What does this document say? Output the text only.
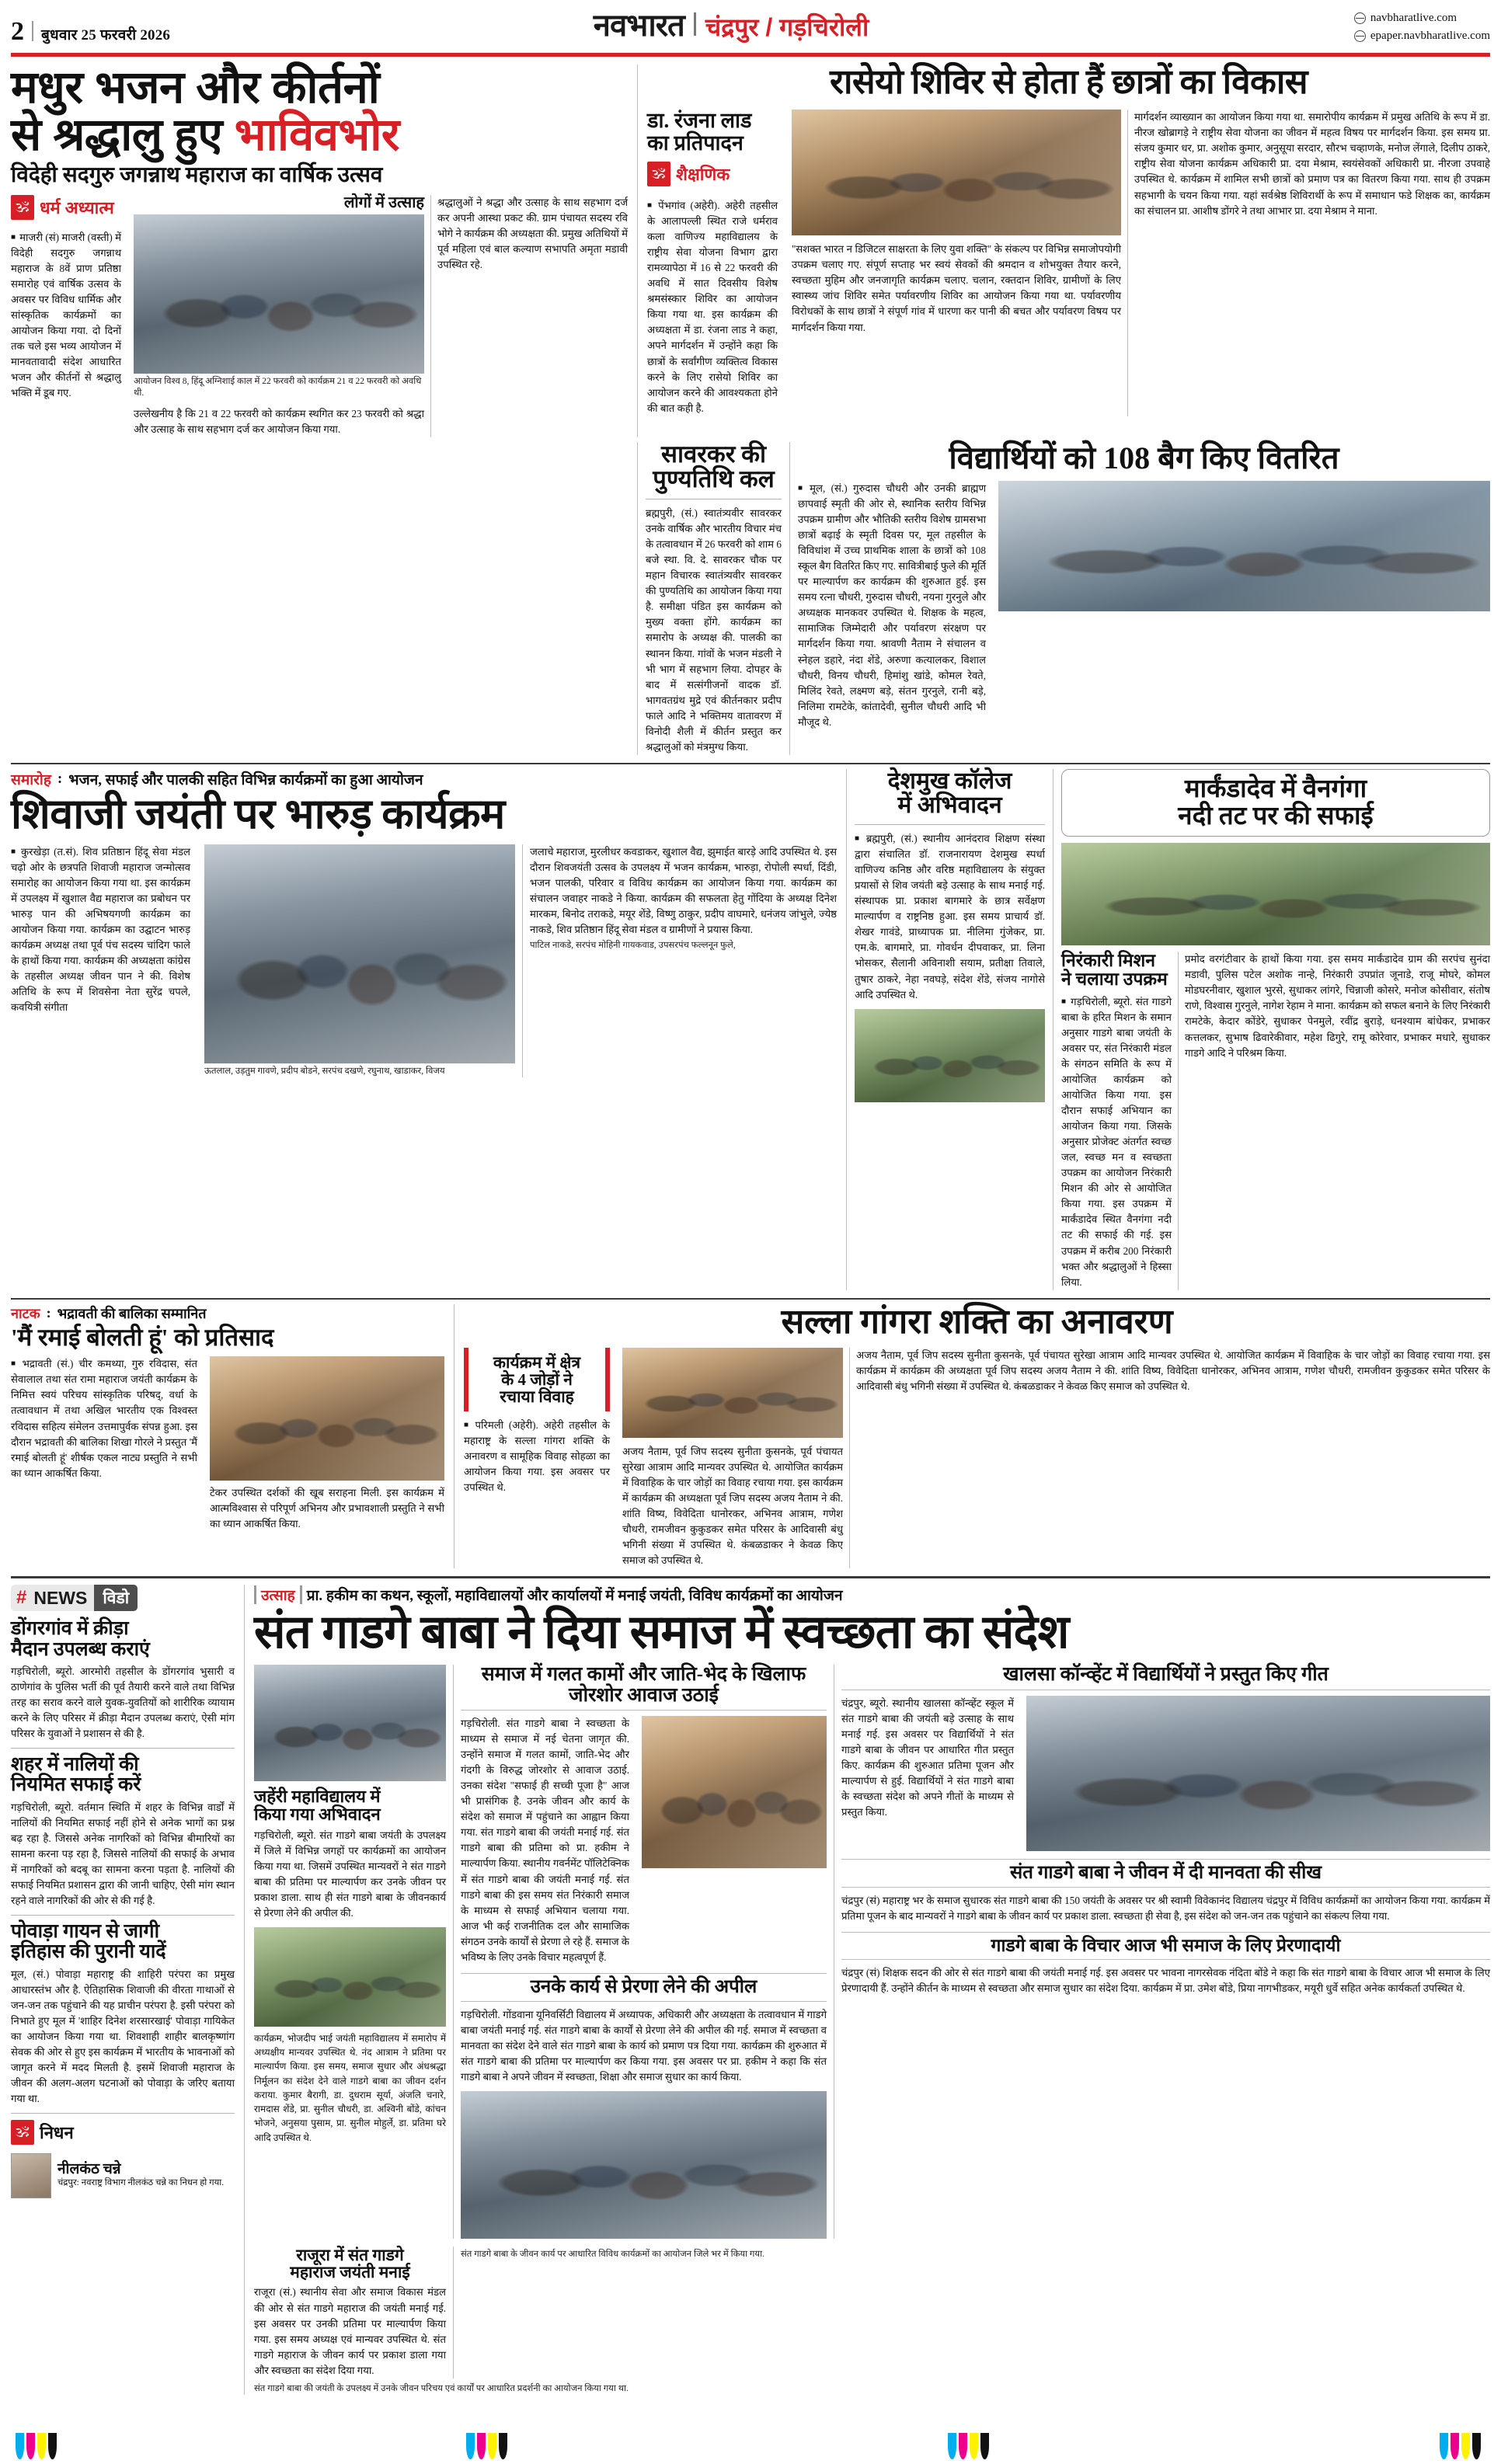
2 बुधवार 25 फरवरी 2026	नवभारत चंद्रपुर / गड़चिरोली	navbharatlive.com
epaper.navbharatlive.com
मधुर भजन और कीर्तनों
से श्रद्धालु हुए भाविवभोर
विदेही सदगुरु जगन्नाथ महाराज का वार्षिक उत्सव
🕉
धर्म अध्यात्म
■ माजरी (सं) माजरी (वस्ती) में विदेही सदगुरु जगन्नाथ महाराज के 8वें प्राण प्रतिष्ठा समारोह एवं वार्षिक उत्सव के अवसर पर विविध धार्मिक और सांस्कृतिक कार्यक्रमों का आयोजन किया गया. दो दिनों तक चले इस भव्य आयोजन में मानवतावादी संदेश आधारित भजन और कीर्तनों से श्रद्धालु भक्ति में डूब गए.
लोगों में उत्साह
आयोजन विश्व 8, हिंदू अग्निशाई काल में 22 फरवरी को कार्यक्रम 21 व 22 फरवरी को अवधि थी.
उल्लेखनीय है कि 21 व 22 फरवरी को कार्यक्रम स्थगित कर 23 फरवरी को श्रद्धा और उत्साह के साथ सहभाग दर्ज कर आयोजन किया गया.
श्रद्धालुओं ने श्रद्धा और उत्साह के साथ सहभाग दर्ज कर अपनी आस्था प्रकट की. ग्राम पंचायत सदस्य रवि भोगे ने कार्यक्रम की अध्यक्षता की. प्रमुख अतिथियों में पूर्व महिला एवं बाल कल्याण सभापति अमृता मडावी उपस्थित रहे.
रासेयो शिविर से होता हैं छात्रों का विकास
डा. रंजना लाड
का प्रतिपादन
🕉
शैक्षणिक
■ पेंभगांव (अहेरी). अहेरी तहसील के आलापल्ली स्थित राजे धर्मराव कला वाणिज्य महाविद्यालय के राष्ट्रीय सेवा योजना विभाग द्वारा रामव्यापेठा में 16 से 22 फरवरी की अवधि में सात दिवसीय विशेष श्रमसंस्कार शिविर का आयोजन किया गया था. इस कार्यक्रम की अध्यक्षता में डा. रंजना लाड ने कहा, अपने मार्गदर्शन में उन्होंने कहा कि छात्रों के सर्वांगीण व्यक्तित्व विकास करने के लिए रासेयो शिविर का आयोजन करने की आवश्यकता होने की बात कही है.
"सशक्त भारत न डिजिटल साक्षरता के लिए युवा शक्ति" के संकल्प पर विभिन्न समाजोपयोगी उपक्रम चलाए गए. संपूर्ण सप्ताह भर स्वयं सेवकों की श्रमदान व शोभयुक्त तैयार करने, स्वच्छता मुहिम और जनजागृति कार्यक्रम चलाए. चलान, रक्तदान शिविर, ग्रामीणों के लिए स्वास्थ्य जांच शिविर समेत पर्यावरणीय शिविर का आयोजन किया गया था. पर्यावरणीय विरोधकों के साथ छात्रों ने संपूर्ण गांव में धारणा कर पानी की बचत और पर्यावरण विषय पर मार्गदर्शन किया गया.
मार्गदर्शन व्याख्यान का आयोजन किया गया था. समारोपीय कार्यक्रम में प्रमुख अतिथि के रूप में डा. नीरज खोब्रागड़े ने राष्ट्रीय सेवा योजना का जीवन में महत्व विषय पर मार्गदर्शन किया. इस समय प्रा. संजय कुमार धर, प्रा. अशोक कुमार, अनुसूया सरदार, सौरभ चव्हाणके, मनोज लेंगाले, दिलीप ठाकरे, राष्ट्रीय सेवा योजना कार्यक्रम अधिकारी प्रा. दया मेश्राम, स्वयंसेवकों अधिकारी प्रा. नीरजा उपवाहे उपस्थित थे. कार्यक्रम में शामिल सभी छात्रों को प्रमाण पत्र का वितरण किया गया. साथ ही उपक्रम सहभागी के चयन किया गया. यहां सर्वश्रेष्ठ शिविरार्थी के रूप में समाधान फडे शिक्षक का, कार्यक्रम का संचालन प्रा. आशीष डोंगरे ने तथा आभार प्रा. दया मेश्राम ने माना.
सावरकर की
पुण्यतिथि कल
ब्रह्मपुरी, (सं.) स्वातंत्र्यवीर सावरकर उनके वार्षिक और भारतीय विचार मंच के तत्वावधान में 26 फरवरी को शाम 6 बजे स्था. वि. दे. सावरकर चौक पर महान विचारक स्वातंत्र्यवीर सावरकर की पुण्यतिथि का आयोजन किया गया है. समीक्षा पंडित इस कार्यक्रम को मुख्य वक्ता होंगे. कार्यक्रम का समारोप के अध्यक्ष की. पालकी का स्थानन किया. गांवों के भजन मंडली ने भी भाग में सहभाग लिया. दोपहर के बाद में सत्संगीजनों वादक डॉ. भागवतग्रंथ मुद्रे एवं कीर्तनकार प्रदीप फाले आदि ने भक्तिमय वातावरण में विनोदी शैली में कीर्तन प्रस्तुत कर श्रद्धालुओं को मंत्रमुग्ध किया.
विद्यार्थियों को 108 बैग किए वितरित
■ मूल, (सं.) गुरुदास चौधरी और उनकी ब्राह्मण छापवाई स्मृती की ओर से, स्थानिक स्तरीय विभिन्न उपक्रम ग्रामीण और भौतिकी स्तरीय विशेष ग्रामसभा छात्रों बढ़ाई के स्मृती दिवस पर, मूल तहसील के विविधांश में उच्च प्राथमिक शाला के छात्रों को 108 स्कूल बैग वितरित किए गए. सावित्रीबाई फुले की मूर्ति पर माल्यार्पण कर कार्यक्रम की शुरुआत हुई. इस समय रत्ना चौधरी, गुरुदास चौधरी, नयना गुरनुले और अध्यक्षक मानकवर उपस्थित थे. शिक्षक के महत्व, सामाजिक जिम्मेदारी और पर्यावरण संरक्षण पर मार्गदर्शन किया गया. श्रावणी नैताम ने संचालन व स्नेहल डहारे, नंदा शेंडे, अरुणा कत्यालकर, विशाल चौधरी, विनय चौधरी, हिमांशु खांडे, कोमल रेवते, मिलिंद रेवते, लक्ष्मण बड़े, संतन गुरनुले, रानी बड़े, निलिमा रामटेके, कांतादेवी, सुनील चौधरी आदि भी मौजूद थे.
समारोह : भजन, सफाई और पालकी सहित विभिन्न कार्यक्रमों का हुआ आयोजन
शिवाजी जयंती पर भारुड़ कार्यक्रम
■ कुरखेड़ा (त.सं). शिव प्रतिष्ठान हिंदू सेवा मंडल चढ़ो ओर के छत्रपति शिवाजी महाराज जन्मोत्सव समारोह का आयोजन किया गया था. इस कार्यक्रम में उपलक्ष्य में खुशाल वैद्य महाराज का प्रबोधन पर भारुड़ पान की अभिषयगणी कार्यक्रम का आयोजन किया गया. कार्यक्रम का उद्घाटन भारुड़ कार्यक्रम अध्यक्ष तथा पूर्व पंच सदस्य चांदिग फाले के हाथों किया गया. कार्यक्रम की अध्यक्षता कांग्रेस के तहसील अध्यक्ष जीवन पान ने की. विशेष अतिथि के रूप में शिवसेना नेता सुरेंद्र चपले, कवयित्री संगीता
ऊतलाल, उड़तुम गावणे, प्रदीप बोडने, सरपंच दखणे, रघुनाथ, खाडाकर, विजय
जलाचे महाराज, मुरलीधर कवडाकर, खुशाल वैद्य, झुमाईत बारड़े आदि उपस्थित थे. इस दौरान शिवजयंती उत्सव के उपलक्ष्य में भजन कार्यक्रम, भारुड़ा, रोपोली स्पर्धा, दिंडी, भजन पालकी, परिवार व विविध कार्यक्रम का आयोजन किया गया. कार्यक्रम का संचालन जवाहर नाकडे ने किया. कार्यक्रम की सफलता हेतु गोंदिया के अध्यक्ष दिनेश मारकम, बिनोद तराकडे, मयूर शेंडे, विष्णु ठाकुर, प्रदीप वाघमारे, धनंजय जांभुले, ज्येष्ठ नाकडे, शिव प्रतिष्ठान हिंदू सेवा मंडल व ग्रामीणों ने प्रयास किया.
पाटिल नाकडे, सरपंच मोहिनी गायकवाड, उपसरपंच फल्लनून फुले,
देशमुख कॉलेज
में अभिवादन
■ ब्रह्मपुरी, (सं.) स्थानीय आनंदराव शिक्षण संस्था द्वारा संचालित डॉ. राजनारायण देशमुख स्पर्धा वाणिज्य कनिष्ठ और वरिष्ठ महाविद्यालय के संयुक्त प्रयासों से शिव जयंती बड़े उत्साह के साथ मनाई गई. संस्थापक प्रा. प्रकाश बागमारे के छात्र सर्वेक्षण माल्यार्पण व राष्ट्रनिष्ठ हुआ. इस समय प्राचार्य डॉ. शेखर गावंडे, प्राध्यापक प्रा. नीलिमा गुंजेकर, प्रा. एम.के. बागमारे, प्रा. गोवर्धन दीपवाकर, प्रा. लिना भोसकर, सैलानी अविनाशी सयाम, प्रतीक्षा तिवाले, तुषार ठाकरे, नेहा नवघड़े, संदेश शेंडे, संजय नागोसे आदि उपस्थित थे.
मार्कंडादेव में वैनगंगा
नदी तट पर की सफाई
निरंकारी मिशन
ने चलाया उपक्रम
■ गड़चिरोली, ब्यूरो. संत गाडगे बाबा के हरित मिशन के समान अनुसार गाडगे बाबा जयंती के अवसर पर, संत निरंकारी मंडल के संगठन समिति के रूप में आयोजित कार्यक्रम को आयोजित किया गया. इस दौरान सफाई अभियान का आयोजन किया गया. जिसके अनुसार प्रोजेक्ट अंतर्गत स्वच्छ जल, स्वच्छ मन व स्वच्छता उपक्रम का आयोजन निरंकारी मिशन की ओर से आयोजित किया गया. इस उपक्रम में मार्कंडादेव स्थित वैनगंगा नदी तट की सफाई की गई. इस उपक्रम में करीब 200 निरंकारी भक्त और श्रद्धालुओं ने हिस्सा लिया.
प्रमोद वरगंटीवार के हाथों किया गया. इस समय मार्कंडादेव ग्राम की सरपंच सुनंदा मडावी, पुलिस पटेल अशोक नान्हे, निरंकारी उपप्रांत जूनाडे, राजू मोघरे, कोमल मोडघरनीवार, खुशाल भुरसे, सुधाकर लांगरे, चिन्नाजी कोसरे, मनोज कोसीवार, संतोष राणे, विश्वास गुरनुले, नागेश रेहाम ने माना. कार्यक्रम को सफल बनाने के लिए निरंकारी रामटेके, केदार कोंडेरे, सुधाकर पेनमुले, रवींद्र बुराड़े, धनश्याम बांधेकर, प्रभाकर कत्तलकर, सुभाष ढिवारेकीवार, महेश ढिगुरे, रामू कोरेवार, प्रभाकर मधारे, सुधाकर गाडगे आदि ने परिश्रम किया.
नाटक : भद्रावती की बालिका सम्मानित
'मैं रमाई बोलती हूं' को प्रतिसाद
■ भद्रावती (सं.) चीर कमथ्या, गुरु रविदास, संत सेवालाल तथा संत रामा महाराज जयंती कार्यक्रम के निमित्त स्वयं परिचय सांस्कृतिक परिषद्, वर्धा के तत्वावधान में तथा अखिल भारतीय एक विश्वस्त रविदास सहित्य संमेलन उत्तमापुर्वक संपन्न हुआ. इस दौरान भद्रावती की बालिका शिखा गोरले ने प्रस्तुत 'मैं रमाई बोलती हूं' शीर्षक एकल नाट्य प्रस्तुति ने सभी का ध्यान आकर्षित किया.
टेकर उपस्थित दर्शकों की खूब सराहना मिली. इस कार्यक्रम में आत्मविश्वास से परिपूर्ण अभिनय और प्रभावशाली प्रस्तुति ने सभी का ध्यान आकर्षित किया.
सल्ला गांगरा शक्ति का अनावरण
कार्यक्रम में क्षेत्र
के 4 जोड़ों ने
रचाया विवाह
■ परिमली (अहेरी). अहेरी तहसील के महाराष्ट्र के सल्ला गांगरा शक्ति के अनावरण व सामूहिक विवाह सोहळा का आयोजन किया गया. इस अवसर पर उपस्थित थे.
अजय नैताम, पूर्व जिप सदस्य सुनीता कुसनके, पूर्व पंचायत सुरेखा आत्राम आदि मान्यवर उपस्थित थे. आयोजित कार्यक्रम में विवाहिक के चार जोड़ों का विवाह रचाया गया. इस कार्यक्रम में कार्यक्रम की अध्यक्षता पूर्व जिप सदस्य अजय नैताम ने की. शांति विष्य, विवेदिता धानोरकर, अभिनव आत्राम, गणेश चौधरी, रामजीवन कुकुडकर समेत परिसर के आदिवासी बंधु भगिनी संख्या में उपस्थित थे. कंबळडाकर ने केवळ किए समाज को उपस्थित थे.
अजय नैताम, पूर्व जिप सदस्य सुनीता कुसनके, पूर्व पंचायत सुरेखा आत्राम आदि मान्यवर उपस्थित थे. आयोजित कार्यक्रम में विवाहिक के चार जोड़ों का विवाह रचाया गया. इस कार्यक्रम में कार्यक्रम की अध्यक्षता पूर्व जिप सदस्य अजय नैताम ने की. शांति विष्य, विवेदिता धानोरकर, अभिनव आत्राम, गणेश चौधरी, रामजीवन कुकुडकर समेत परिसर के आदिवासी बंधु भगिनी संख्या में उपस्थित थे. कंबळडाकर ने केवळ किए समाज को उपस्थित थे.
# NEWS विडो
डोंगरगांव में क्रीड़ा
मैदान उपलब्ध कराएं
गड़चिरोली, ब्यूरो. आरमोरी तहसील के डोंगरगांव भुसारी व ठाणेगांव के पुलिस भर्ती की पूर्व तैयारी करने वाले तथा विभिन्न तरह का सराव करने वाले युवक-युवतियों को शारीरिक व्यायाम करने के लिए परिसर में क्रीड़ा मैदान उपलब्ध कराएं, ऐसी मांग परिसर के युवाओं ने प्रशासन से की है.
शहर में नालियों की
नियमित सफाई करें
गड़चिरोली, ब्यूरो. वर्तमान स्थिति में शहर के विभिन्न वार्डों में नालियों की नियमित सफाई नहीं होने से अनेक भागों का प्रश्न बढ़ रहा है. जिससे अनेक नागरिकों को विभिन्न बीमारियों का सामना करना पड़ रहा है, जिससे नालियों की सफाई के अभाव में नागरिकों को बदबू का सामना करना पड़ता है. नालियों की सफाई नियमित प्रशासन द्वारा की जानी चाहिए, ऐसी मांग स्थान रहने वाले नागरिकों की ओर से की गई है.
पोवाड़ा गायन से जागी
इतिहास की पुरानी यादें
मूल, (सं.) पोवाड़ा महाराष्ट्र की शाहिरी परंपरा का प्रमुख आधारस्तंभ और है. ऐतिहासिक शिवाजी की वीरता गाथाओं से जन-जन तक पहुंचाने की यह प्राचीन परंपरा है. इसी परंपरा को निभाते हुए मूल में 'शाहिर दिनेश शरसारखाई' पोवाड़ा गायिकेत का आयोजन किया गया था. शिवशाही शाहीर बालकृष्णांग सेवक की ओर से हुए इस कार्यक्रम में भारतीय के भावनाओं को जागृत करने में मदद मिलती है. इसमें शिवाजी महाराज के जीवन की अलग-अलग घटनाओं को पोवाड़ा के जरिए बताया गया था.
🕉
निधन
नीलकंठ चन्ने
चंद्रपुर: नवराष्ट्र विभाग नीलकंठ चन्ने का निधन हो गया.
उत्साह प्रा. हकीम का कथन, स्कूलों, महाविद्यालयों और कार्यालयों में मनाई जयंती, विविध कार्यक्रमों का आयोजन
संत गाडगे बाबा ने दिया समाज में स्वच्छता का संदेश
जहेंरी महाविद्यालय में
किया गया अभिवादन
गड़चिरोली, ब्यूरो. संत गाडगे बाबा जयंती के उपलक्ष्य में जिले में विभिन्न जगहों पर कार्यक्रमों का आयोजन किया गया था. जिसमें उपस्थित मान्यवरों ने संत गाडगे बाबा की प्रतिमा पर माल्यार्पण कर उनके जीवन पर प्रकाश डाला. साथ ही संत गाडगे बाबा के जीवनकार्य से प्रेरणा लेने की अपील की.
कार्यक्रम, भोजदीप भाई जयंती महाविद्यालय में समारोप में अध्यक्षीय मान्यवर उपस्थित थे. नंद आत्राम ने प्रतिमा पर माल्यार्पण किया. इस समय, समाज सुधार और अंधश्रद्धा निर्मूलन का संदेश देने वाले गाडगे बाबा का जीवन दर्शन कराया. कुमार बैरागी, डा. दुधराम सूर्या, अंजलि चनारे, रामदास शेंडे, प्रा. सुनील चौधरी, डा. अश्विनी बोंडे, कांचन भोजने, अनुसया पुसाम, प्रा. सुनील मोहुर्ले, डा. प्रतिमा घरे आदि उपस्थित थे.
समाज में गलत कामों और जाति-भेद के खिलाफ जोरशोर आवाज उठाई
गड़चिरोली. संत गाडगे बाबा ने स्वच्छता के माध्यम से समाज में नई चेतना जागृत की. उन्होंने समाज में गलत कामों, जाति-भेद और गंदगी के विरुद्ध जोरशोर से आवाज उठाई. उनका संदेश "सफाई ही सच्ची पूजा है" आज भी प्रासंगिक है. उनके जीवन और कार्य के संदेश को समाज में पहुंचाने का आह्वान किया गया. संत गाडगे बाबा की जयंती मनाई गई. संत गाडगे बाबा की प्रतिमा को प्रा. हकीम ने माल्यार्पण किया. स्थानीय गवर्नमेंट पॉलिटेक्निक में संत गाडगे बाबा की जयंती मनाई गई. संत गाडगे बाबा की इस समय संत निरंकारी समाज के माध्यम से सफाई अभियान चलाया गया. आज भी कई राजनीतिक दल और सामाजिक संगठन उनके कार्यों से प्रेरणा ले रहे हैं. समाज के भविष्य के लिए उनके विचार महत्वपूर्ण हैं.
उनके कार्य से प्रेरणा लेने की अपील
गड़चिरोली. गोंडवाना यूनिवर्सिटी विद्यालय में अध्यापक, अधिकारी और अध्यक्षता के तत्वावधान में गाडगे बाबा जयंती मनाई गई. संत गाडगे बाबा के कार्यों से प्रेरणा लेने की अपील की गई. समाज में स्वच्छता व मानवता का संदेश देने वाले संत गाडगे बाबा के कार्य को प्रमाण पत्र दिया गया. कार्यक्रम की शुरुआत में संत गाडगे बाबा की प्रतिमा पर माल्यार्पण कर किया गया. इस अवसर पर प्रा. हकीम ने कहा कि संत गाडगे बाबा ने अपने जीवन में स्वच्छता, शिक्षा और समाज सुधार का कार्य किया.
खालसा कॉन्व्हेंट में विद्यार्थियों ने प्रस्तुत किए गीत
चंद्रपुर, ब्यूरो. स्थानीय खालसा कॉन्व्हेंट स्कूल में संत गाडगे बाबा की जयंती बड़े उत्साह के साथ मनाई गई. इस अवसर पर विद्यार्थियों ने संत गाडगे बाबा के जीवन पर आधारित गीत प्रस्तुत किए. कार्यक्रम की शुरुआत प्रतिमा पूजन और माल्यार्पण से हुई. विद्यार्थियों ने संत गाडगे बाबा के स्वच्छता संदेश को अपने गीतों के माध्यम से प्रस्तुत किया.
संत गाडगे बाबा ने जीवन में दी मानवता की सीख
चंद्रपुर (सं) महाराष्ट्र भर के समाज सुधारक संत गाडगे बाबा की 150 जयंती के अवसर पर श्री स्वामी विवेकानंद विद्यालय चंद्रपुर में विविध कार्यक्रमों का आयोजन किया गया. कार्यक्रम में प्रतिमा पूजन के बाद मान्यवरों ने गाडगे बाबा के जीवन कार्य पर प्रकाश डाला. स्वच्छता ही सेवा है, इस संदेश को जन-जन तक पहुंचाने का संकल्प लिया गया.
गाडगे बाबा के विचार आज भी समाज के लिए प्रेरणादायी
चंद्रपुर (सं) शिक्षक सदन की ओर से संत गाडगे बाबा की जयंती मनाई गई. इस अवसर पर भावना नागरसेवक नंदिता बोंडे ने कहा कि संत गाडगे बाबा के विचार आज भी समाज के लिए प्रेरणादायी हैं. उन्होंने कीर्तन के माध्यम से स्वच्छता और समाज सुधार का संदेश दिया. कार्यक्रम में प्रा. उमेश बोंडे, प्रिया नागभीडकर, मयूरी धुर्वे सहित अनेक कार्यकर्ता उपस्थित थे.
राजूरा में संत गाडगे
महाराज जयंती मनाई
राजूरा (सं.) स्थानीय सेवा और समाज विकास मंडल की ओर से संत गाडगे महाराज की जयंती मनाई गई. इस अवसर पर उनकी प्रतिमा पर माल्यार्पण किया गया. इस समय अध्यक्ष एवं मान्यवर उपस्थित थे. संत गाडगे महाराज के जीवन कार्य पर प्रकाश डाला गया और स्वच्छता का संदेश दिया गया.
संत गाडगे बाबा के जीवन कार्य पर आधारित विविध कार्यक्रमों का आयोजन जिले भर में किया गया.
संत गाडगे बाबा की जयंती के उपलक्ष्य में उनके जीवन परिचय एवं कार्यों पर आधारित प्रदर्शनी का आयोजन किया गया था.
